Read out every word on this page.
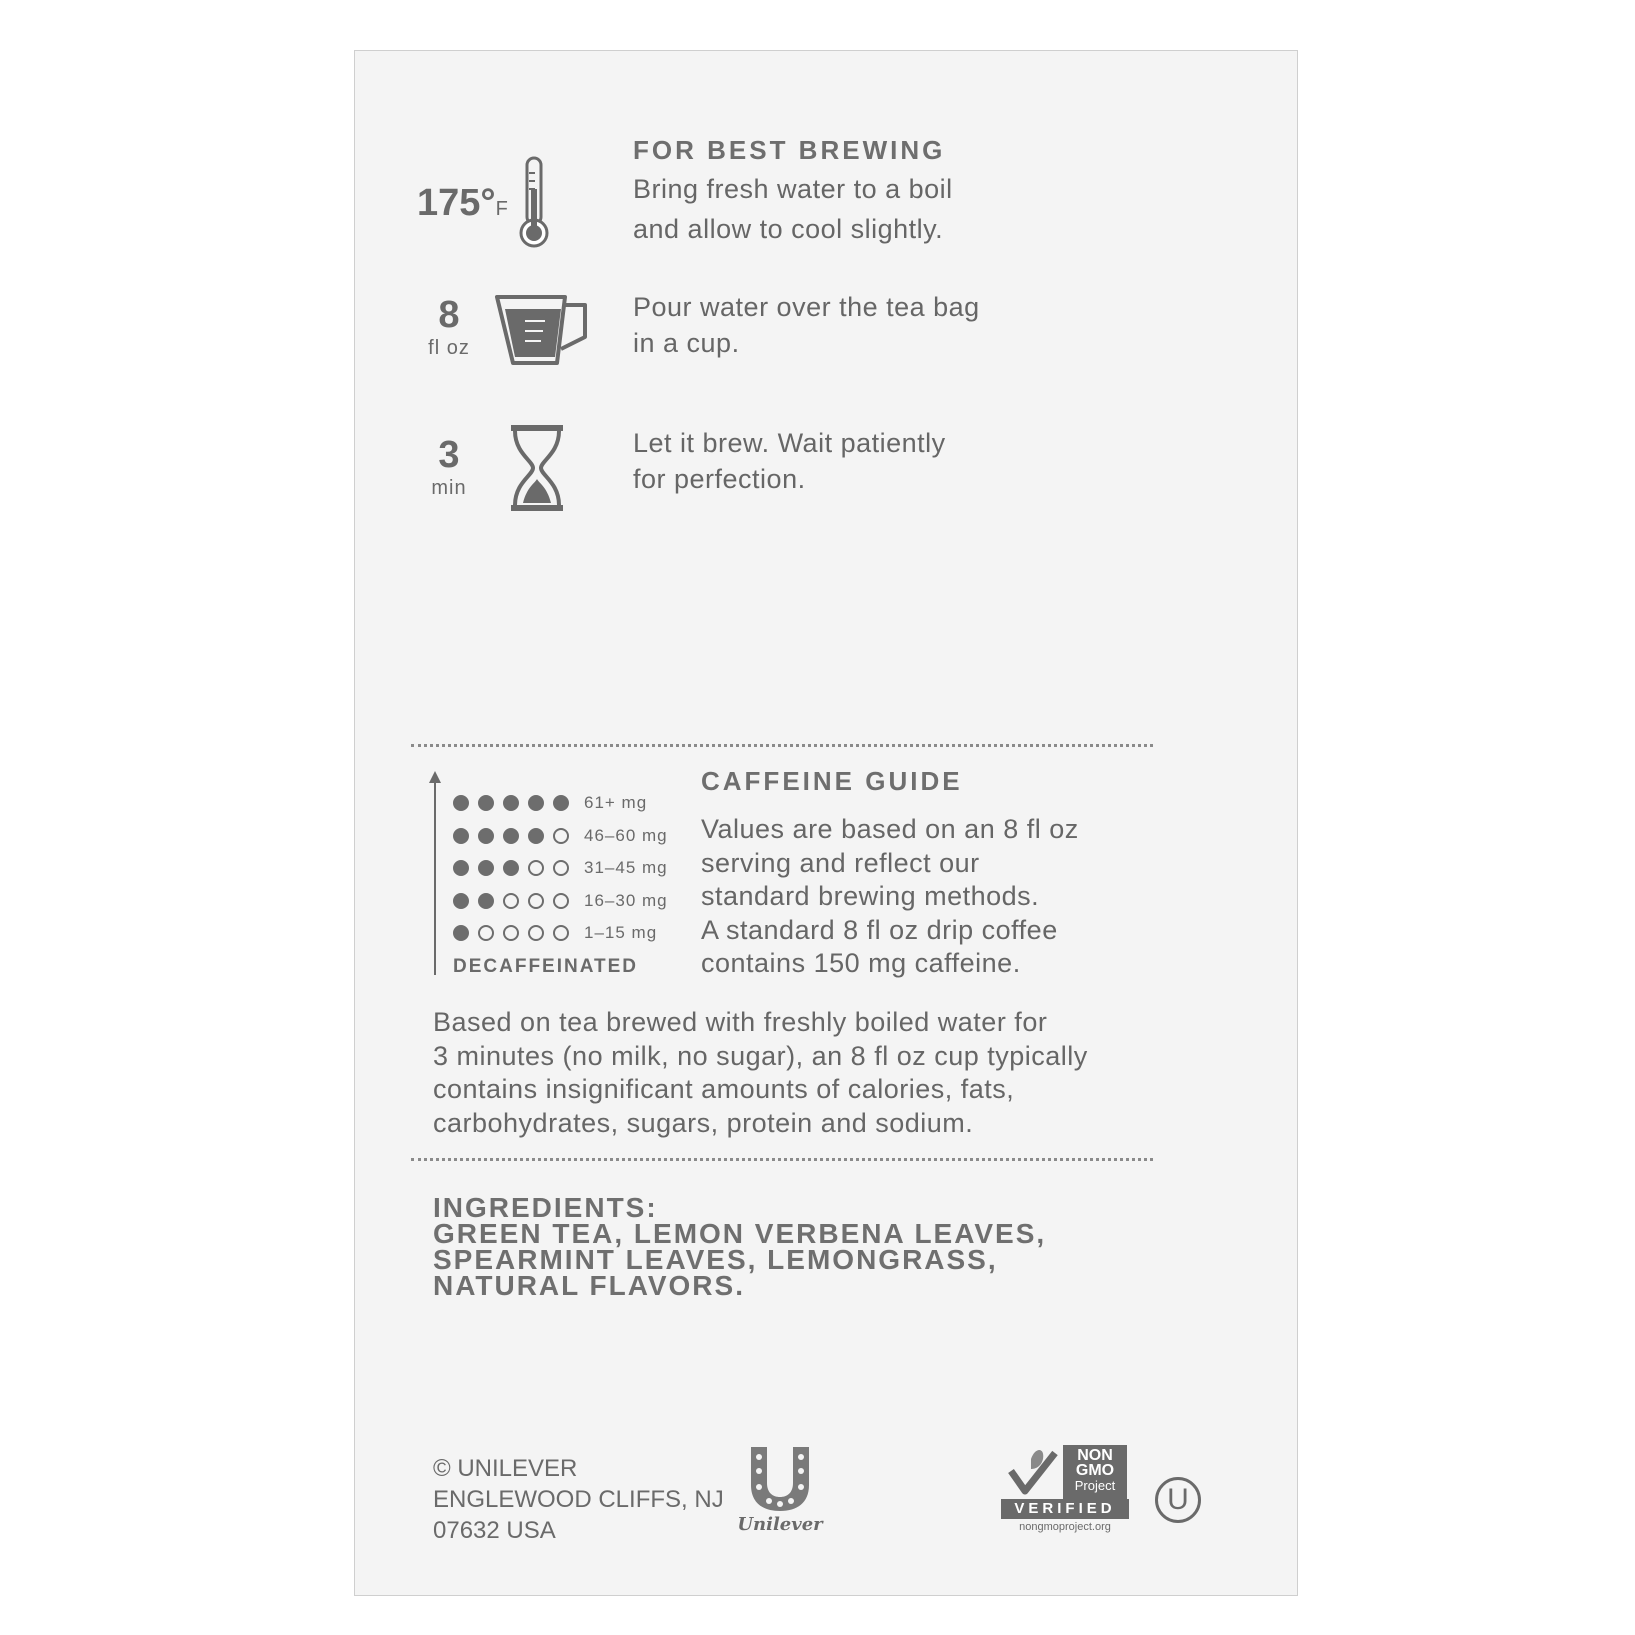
FOR BEST BREWING
175°F
Bring fresh water to a boil
and allow to cool slightly.
8
fl oz
Pour water over the tea bag
in a cup.
3
min
Let it brew. Wait patiently
for perfection.
61+ mg
46–60 mg
31–45 mg
16–30 mg
1–15 mg
DECAFFEINATED
CAFFEINE GUIDE
Values are based on an 8 fl oz
serving and reflect our
standard brewing methods.
A standard 8 fl oz drip coffee
contains 150 mg caffeine.
Based on tea brewed with freshly boiled water for
3 minutes (no milk, no sugar), an 8 fl oz cup typically
contains insignificant amounts of calories, fats,
carbohydrates, sugars, protein and sodium.
INGREDIENTS:
GREEN TEA, LEMON VERBENA LEAVES,
SPEARMINT LEAVES, LEMONGRASS,
NATURAL FLAVORS.
© UNILEVER
ENGLEWOOD CLIFFS, NJ
07632 USA	Unilever
NON
GMO
Project
VERIFIED
nongmoproject.org
U
